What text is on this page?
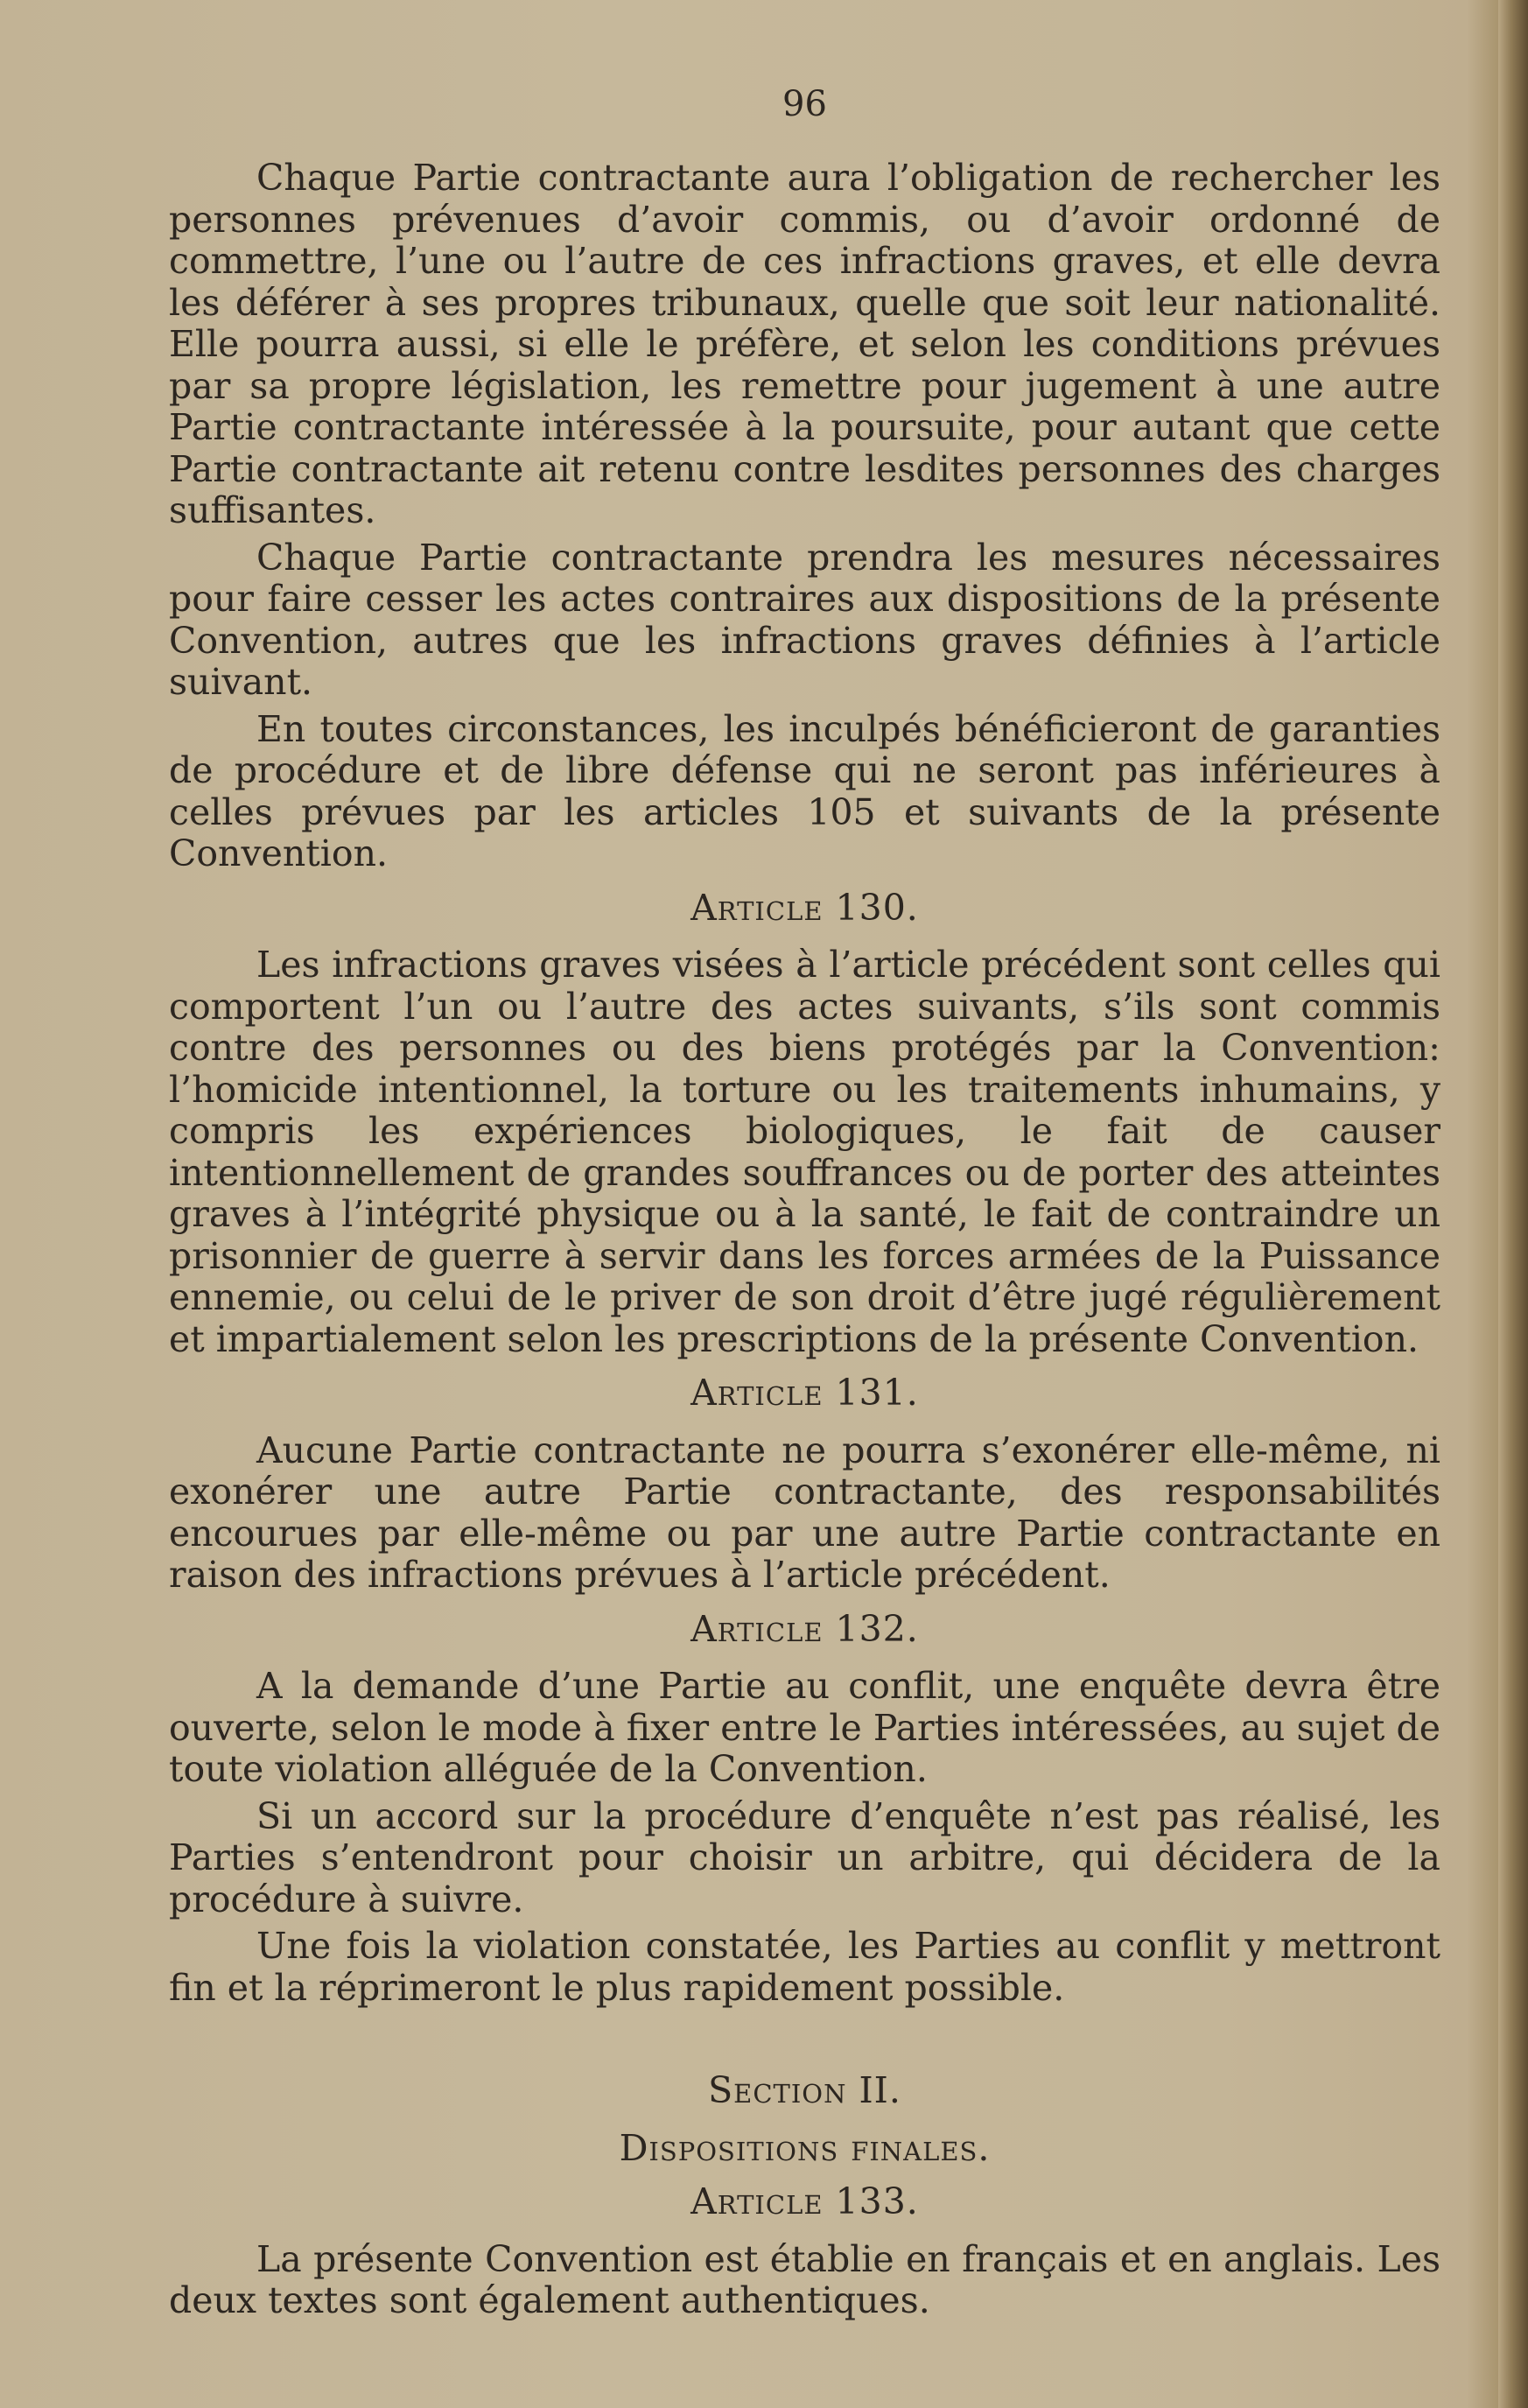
96

Chaque Partie contractante aura l’obligation de rechercher les personnes prévenues d’avoir commis, ou d’avoir ordonné de commettre, l’une ou l’autre de ces infractions graves, et elle devra les déférer à ses propres tribunaux, quelle que soit leur nationalité. Elle pourra aussi, si elle le préfère, et selon les conditions prévues par sa propre législation, les remettre pour jugement à une autre Partie contractante intéressée à la poursuite, pour autant que cette Partie contractante ait retenu contre lesdites personnes des charges suffisantes.

Chaque Partie contractante prendra les mesures nécessaires pour faire cesser les actes contraires aux dispositions de la présente Convention, autres que les infractions graves définies à l’article suivant.

En toutes circonstances, les inculpés bénéficieront de garanties de procédure et de libre défense qui ne seront pas inférieures à celles prévues par les articles 105 et suivants de la présente Convention.

Article 130.

Les infractions graves visées à l’article précédent sont celles qui comportent l’un ou l’autre des actes suivants, s’ils sont commis contre des personnes ou des biens protégés par la Convention: l’homicide intentionnel, la torture ou les traitements inhumains, y compris les expériences biologiques, le fait de causer intentionnellement de grandes souffrances ou de porter des atteintes graves à l’intégrité physique ou à la santé, le fait de contraindre un prisonnier de guerre à servir dans les forces armées de la Puissance ennemie, ou celui de le priver de son droit d’être jugé régulièrement et impartialement selon les prescriptions de la présente Convention.

Article 131.

Aucune Partie contractante ne pourra s’exonérer elle-même, ni exonérer une autre Partie contractante, des responsabilités encourues par elle-même ou par une autre Partie contractante en raison des infractions prévues à l’article précédent.

Article 132.

A la demande d’une Partie au conflit, une enquête devra être ouverte, selon le mode à fixer entre le Parties intéressées, au sujet de toute violation alléguée de la Convention.

Si un accord sur la procédure d’enquête n’est pas réalisé, les Parties s’entendront pour choisir un arbitre, qui décidera de la procédure à suivre.

Une fois la violation constatée, les Parties au conflit y mettront fin et la réprimeront le plus rapidement possible.

Section II.
Dispositions finales.
Article 133.

La présente Convention est établie en français et en anglais. Les deux textes sont également authentiques.
